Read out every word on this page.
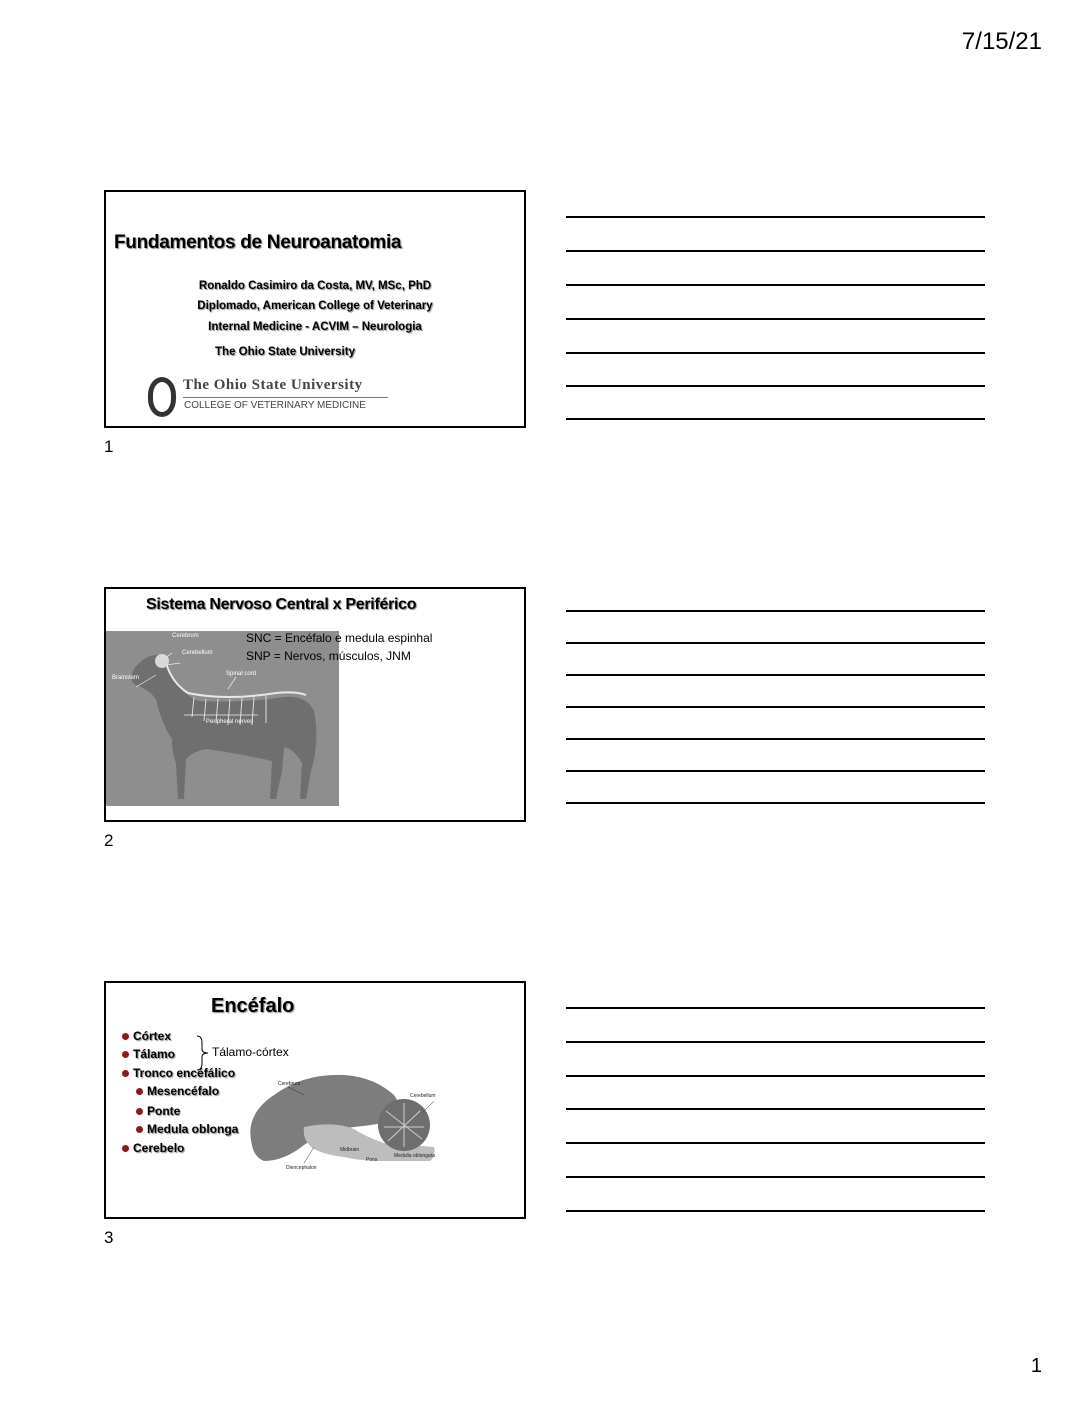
7/15/21
1
Fundamentos de Neuroanatomia
Ronaldo Casimiro da Costa, MV, MSc, PhD
Diplomado, American College of Veterinary
Internal Medicine - ACVIM – Neurologia
The Ohio State University
The Ohio State University
COLLEGE OF VETERINARY MEDICINE
1
Sistema Nervoso Central x Periférico
Cerebrum
Cerebellum
Brainstem
Spinal cord
Peripheral nerves
SNC = Encéfalo e medula espinhal
SNP = Nervos, músculos, JNM
2
Encéfalo
Cerebrum
Cerebellum
Diencephalon
Midbrain
Pons
Medulla oblongata
Córtex
Tálamo
Tronco encéfálico
Mesencéfalo
Ponte
Medula oblonga
Cerebelo
Tálamo-córtex
3
